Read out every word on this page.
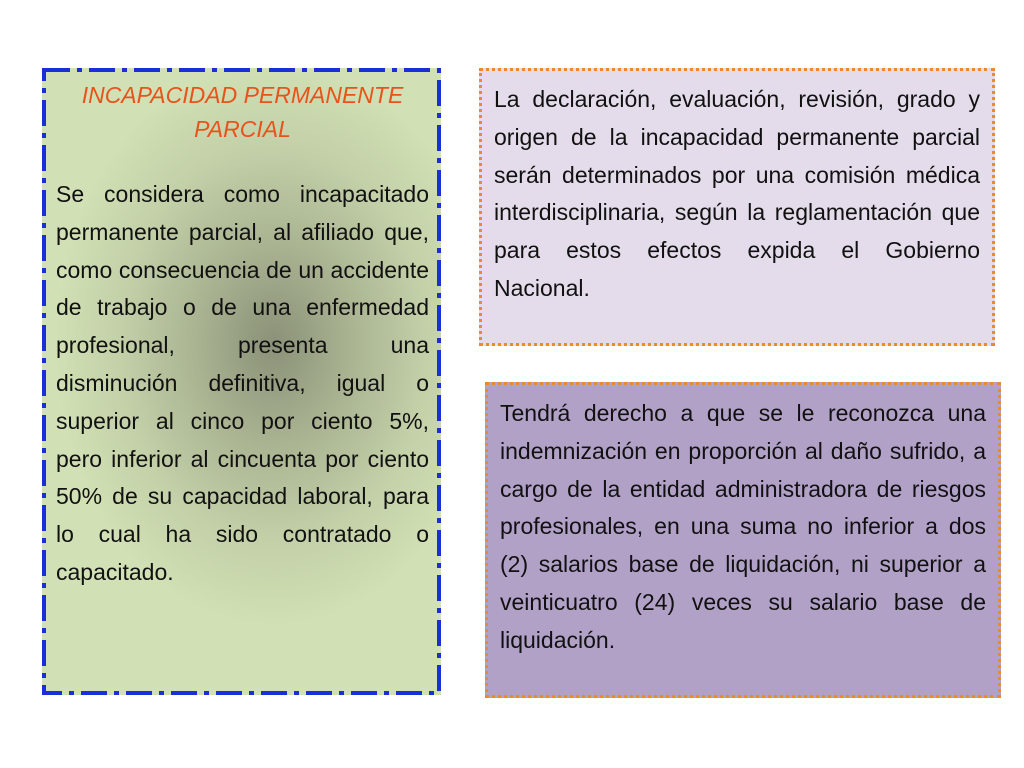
INCAPACIDAD PERMANENTE PARCIAL

Se considera como incapacitado permanente parcial, al afiliado que, como consecuencia de un accidente de trabajo o de una enfermedad profesional, presenta una disminución definitiva, igual o superior al cinco por ciento 5%, pero inferior al cincuenta por ciento 50% de su capacidad laboral, para lo cual ha sido contratado o capacitado.

La declaración, evaluación, revisión, grado y origen de la incapacidad permanente parcial serán determinados por una comisión médica interdisciplinaria, según la reglamentación que para estos efectos expida el Gobierno Nacional.

Tendrá derecho a que se le reconozca una indemnización en proporción al daño sufrido, a cargo de la entidad administradora de riesgos profesionales, en una suma no inferior a dos (2) salarios base de liquidación, ni superior a veinticuatro (24) veces su salario base de liquidación.
